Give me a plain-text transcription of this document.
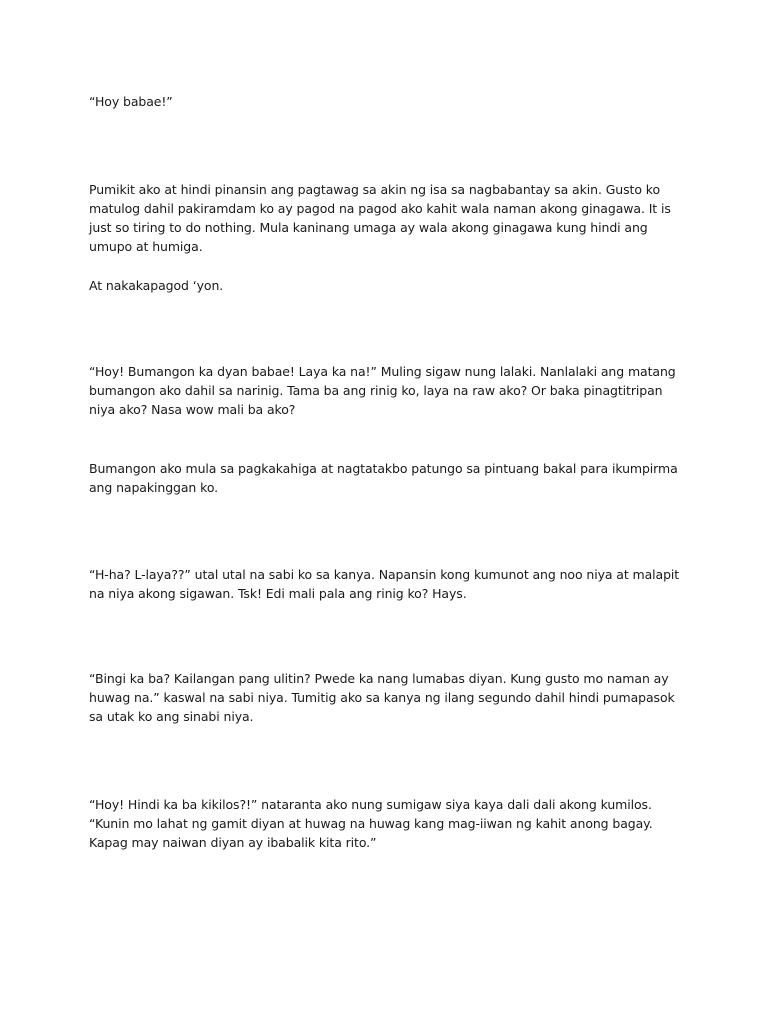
“Hoy babae!”

Pumikit ako at hindi pinansin ang pagtawag sa akin ng isa sa nagbabantay sa akin. Gusto ko matulog dahil pakiramdam ko ay pagod na pagod ako kahit wala naman akong ginagawa. It is just so tiring to do nothing. Mula kaninang umaga ay wala akong ginagawa kung hindi ang umupo at humiga.

At nakakapagod ‘yon.

“Hoy! Bumangon ka dyan babae! Laya ka na!” Muling sigaw nung lalaki. Nanlalaki ang matang bumangon ako dahil sa narinig. Tama ba ang rinig ko, laya na raw ako? Or baka pinagtitripan niya ako? Nasa wow mali ba ako?

Bumangon ako mula sa pagkakahiga at nagtatakbo patungo sa pintuang bakal para ikumpirma ang napakinggan ko.

“H-ha? L-laya??” utal utal na sabi ko sa kanya. Napansin kong kumunot ang noo niya at malapit na niya akong sigawan. Tsk! Edi mali pala ang rinig ko? Hays.

“Bingi ka ba? Kailangan pang ulitin? Pwede ka nang lumabas diyan. Kung gusto mo naman ay huwag na.” kaswal na sabi niya. Tumitig ako sa kanya ng ilang segundo dahil hindi pumapasok sa utak ko ang sinabi niya.

“Hoy! Hindi ka ba kikilos?!” nataranta ako nung sumigaw siya kaya dali dali akong kumilos. “Kunin mo lahat ng gamit diyan at huwag na huwag kang mag-iiwan ng kahit anong bagay. Kapag may naiwan diyan ay ibabalik kita rito.”
